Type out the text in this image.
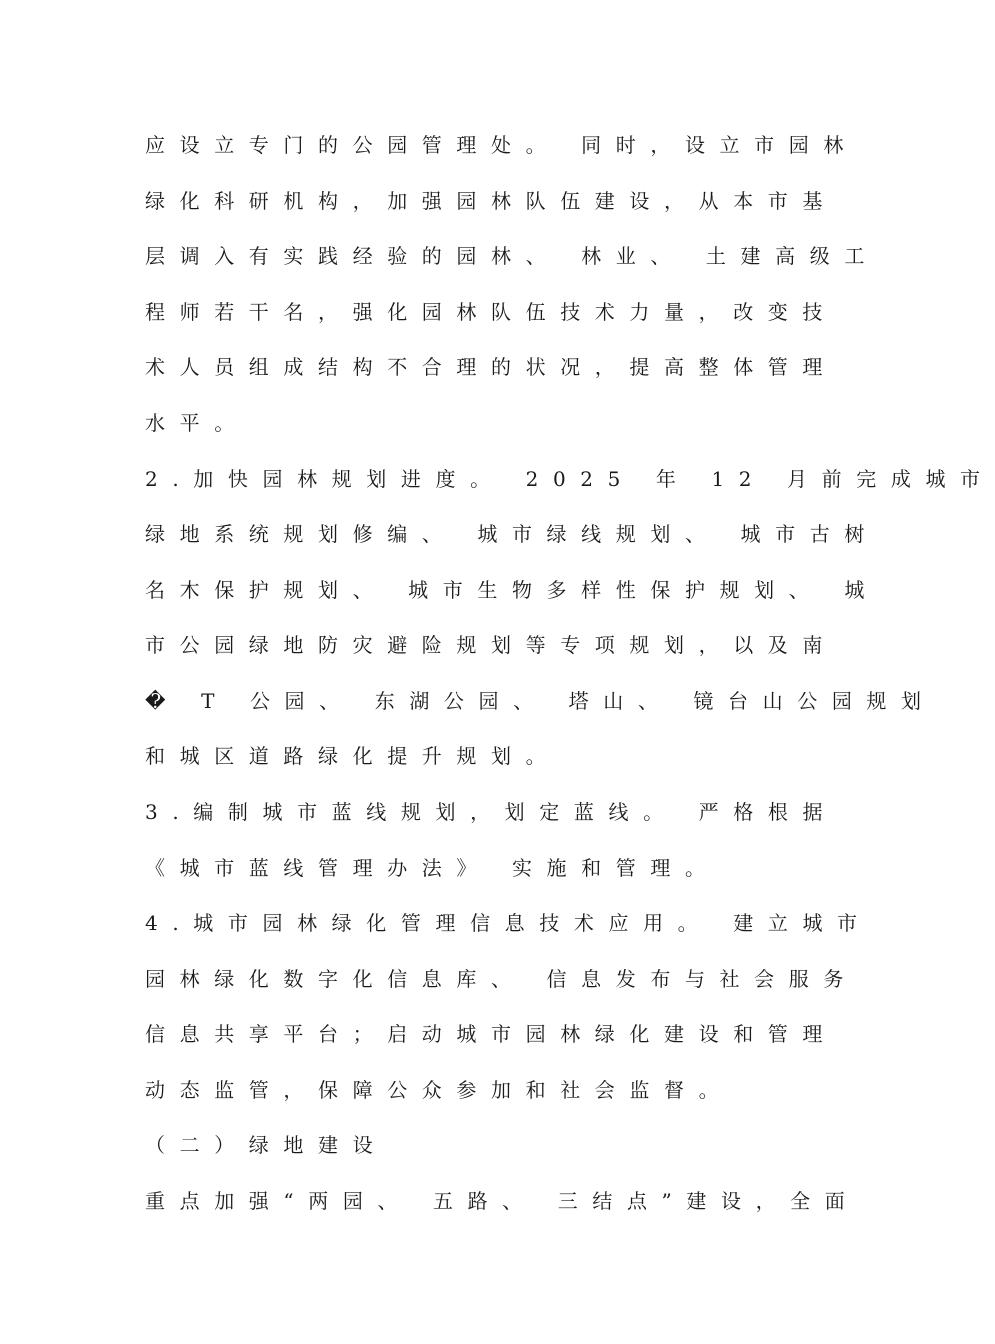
应设立专门的公园管理处。 同时，设立市园林
绿化科研机构，加强园林队伍建设，从本市基
层调入有实践经验的园林、 林业、 土建高级工
程师若干名，强化园林队伍技术力量，改变技
术人员组成结构不合理的状况，提高整体管理
水平。
2.加快园林规划进度。 2025 年 12 月前完成城市
绿地系统规划修编、 城市绿线规划、 城市古树
名木保护规划、 城市生物多样性保护规划、 城
市公园绿地防灾避险规划等专项规划，以及南
� T 公园、 东湖公园、 塔山、 镜台山公园规划
和城区道路绿化提升规划。
3.编制城市蓝线规划，划定蓝线。 严格根据
《城市蓝线管理办法》 实施和管理。
4.城市园林绿化管理信息技术应用。 建立城市
园林绿化数字化信息库、 信息发布与社会服务
信息共享平台；启动城市园林绿化建设和管理
动态监管，保障公众参加和社会监督。
（二）绿地建设
重点加强“两园、 五路、 三结点”建设，全面
